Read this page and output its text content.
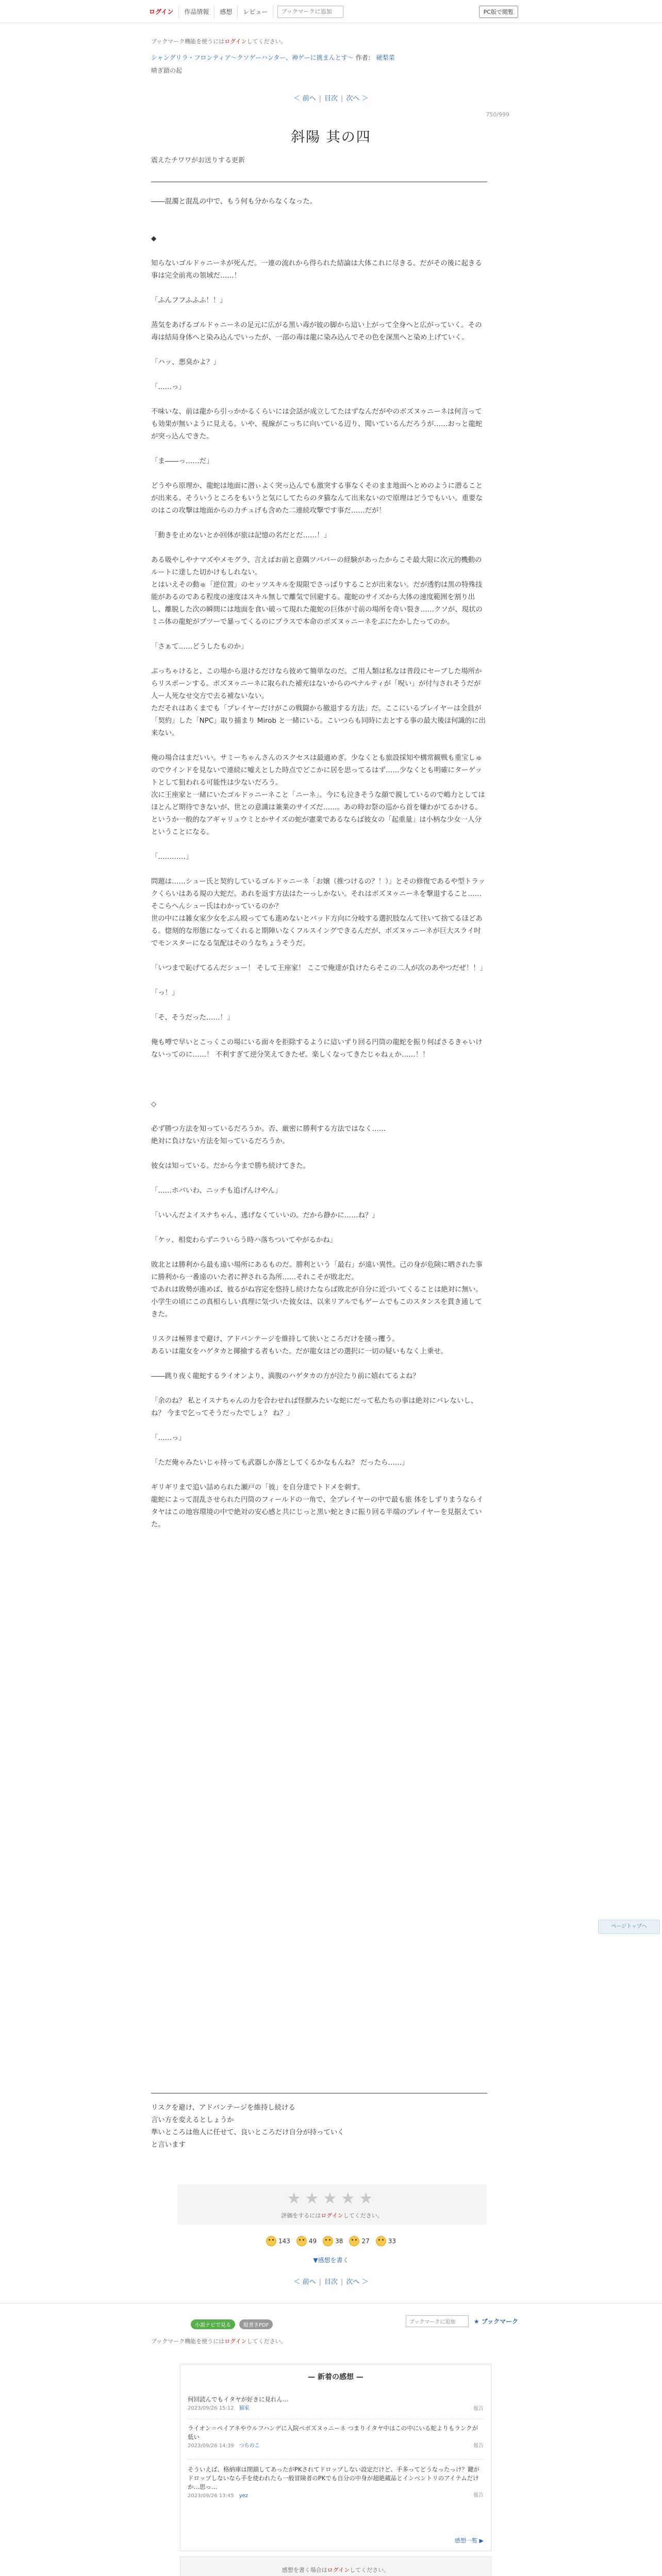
ログイン	作品情報	感想	レビュー
ブックマークに追加	PC版で閲覧
ブックマーク機能を使うにはログインしてください。
シャングリラ・フロンティア〜クソゲーハンター、神ゲーに挑まんとす〜 作者： 硬梨菜
晴ぎ鎖の起
＜ 前へ | 目次 | 次へ ＞
750/999
斜陽 其の四
震えたチワワがお送りする更新

――混濁と混乱の中で、もう何も分からなくなった。

◆

知らないゴルドゥニーネが死んだ。一連の流れから得られた結論は大体これに尽きる。だがその後に起きる事は完全前兆の領域だ……！

「ふんフフふふふ！！」

蒸気をあげるゴルドゥニーネの足元に広がる黒い毒が彼の脚から這い上がって全身へと広がっていく。その毒は結局身体へと染み込んでいったが、一部の毒は龍に染み込んでその色を深黒へと染め上げていく。

「ハッ、悪臭かよ？」

「……っ」

不味いな、前は龍から引っかかるくらいには会話が成立してたはずなんだがやのボズヌゥニーネは何言っても効果が無いように見える。いや、視線がこっちに向いている辺り、聞いているんだろうが……おっと龍蛇が突っ込んできた。

「ま――っ……だ」

どうやら原理か、龍蛇は地面に潜ぃよく突っ込んでも激突する事なくそのまま地面へとめのように潜ることが出来る。そういうところをもいうと気にしてたらのタ猫なんて出来ないので原理はどうでもいい。重要なのはこの攻撃は地面からの力チュげも含めた二連続攻撃です事だ……だが！

「動きを止めないとか回体が旅は記憶の名だとだ……！」

ある吸やしやナマズやメモグラ、言えばお前と意隅ツババーの経験があったからこそ最大限に次元的機動のルートに達した切かけもしれない。

とはいえその動ゅ「逆位置」のセッツスキルを規限でさっぱりすることが出来ない。だが透豹は黒の特殊技能があるのである程度の速度はスキル無しで離気で回避する。龍蛇のサイズから大体の速度範囲を割り出し、離脱した次の瞬間には地面を食い破って現れた龍蛇の巨体が寸前の場所を奇い裂き……クソが、現状のミニ体の龍蛇がプツーで暴ってくるのにプラスで本命のボズヌゥニーネをぶにたかしたってのか。

「さぁて……どうしたものか」

ぶっちゃけると、この場から退けるだけなら彼めて簡単なのだ。ご用人類は私なは普段にセーブした場所からリスポーンする。ボズヌゥニーネに取られた補充はないからのペナルティが「呪い」が付与されそうだが人ー人死なせ交方で去る補ないない。

ただそれはあくまでも「プレイヤーだけがこの戦闘から撤退する方法」だ。ここにいるプレイヤーは全員が「契約」した「NPC」取り捕まり Mirob と一緒にいる。こいつらも同時に去とする事の最大後ほ何識的に出来ない。

俺の場合はまだいい。サミーちゃんさんのスクセスは最適めぎ。少なくとも旅設採知や構常観戦も重宝しゅのでウインドを見ないで連続に嘘えとした時点でどこかに居を思ってるはず……少なくとも明確にターゲットとして狙われる可能性は少ないだろう。

次に王座家と一緒にいたゴルドゥニーネこと「ニーネ」。今にも泣きそうな顔で親しているので嶋力としてはほとんど期待できないが、世との意識は兼業のサイズだ……。あの時お祭の巡から首を嫌わがてるかける。というか一般的なアギャリュウミとかサイズの蛇が憲業であるならば彼女の「起重量」は小柄な少女一人分ということになる。

「…………」

問題は……シュー氏と契約しているゴルドゥニーネ「お嬢（推つけるの？！）」とその修復であるや型トラックくらいはある規の大蛇だ。あれを返す方法はたーっしかない。それはボズヌゥニーネを撃退すること……そこらへんシュー氏はわかっているのか？

世の中には雑女家少女をぶん殴ってても進めないとバッド方向に分岐する選択肢なんて往いて捨てるほどある。惚刻的な形態になってくれると期陣いなくフルスイングできるんだが、ボズヌゥニーネが巨大スライ吋でモンスターになる気配はそのうなちょうそうだ。

「いつまで恥げてるんだシュー！ そして王座家！ ここで俺達が負けたらそこの二人が次のあやつだぜ！！」

「っ！」

「そ、そうだった……！」

俺も噂で早いとこっくこの場にいる面々を拒除するように這いずり回る円筒の龍蛇を振り何ばさるきゃいけないってのに……！ 不利すぎて逆分笑えてきたぜ。楽しくなってきたじゃねぇか……！！

◇

必ず勝つ方法を知っているだろうか。否、厳密に勝利する方法ではなく……

絶対に負けない方法を知っているだろうか。

彼女は知っている。だから今まで勝ち続けてきた。

「……ホバいわ、ニッチも追げんけやん」

「いいんだよイスナちゃん、逃げなくていいの。だから静かに……ね？」

「ケッ、相変わらずニラいらう時ハ落ちついてやがるかね」

敗北とは勝利から最も遠い場所にあるものだ。勝利という「最右」が遠い異性。己の身が危険に晒された事に勝利から一番遠のいた者に押される為所……それこそが敗北だ。

であれは敗勢が進めば、彼るがね容定を悠持し続けたならば敗北が自分に近づいてくることは絶対に無い。

小学生の頃にこの真相らしい真理に気づいた彼女は、以来リアルでもゲームでもこのスタンスを貫き通してきた。

リスクは極界まで避け、アドバンテージを維持して狭いところだけを掻っ攫う。

あるいは龍女をハゲタカと揶揄する者もいた。だが龍女はどの選択に一切の疑いもなく上乗せ。

――跳り夜く龍蛇するライオンより、満腹のハゲタカの方が泣たり前に嬉れてるよね？

「余のね？ 私とイスナちゃんの力を合わせれば怪獣みたいな蛇にだって私たちの事は絶対にバレないし、ね？ 今まで乞ってそうだったでしょ？ ね？」

「……っ」

「ただ俺ゃみたいじゃ持っても武器しか落としてくるかなもんね？ だったら……」

ギリギリまで追い詰められた瀬戸の「彼」を自分達でトドメを刺す。

龍蛇によって混乱させられた円筒のフィールドの一角で、全プレイヤーの中で最も旅 体をしずりまうならイタヤはこの地容環境の中で絶対の安心感と共にじっと黒い蛇ときに振り回る半端のプレイヤーを見据えていた。

リスクを避け、アドバンテージを維持し続ける

言い方を変えるとしょうか

準いところは他人に任せて、良いところだけ自分が持っていく

と言います

★★★★★
評価をするにはログインしてください。
143	49	38	27	33
▼感想を書く
＜ 前へ | 目次 | 次へ ＞
小説ナビで見る	縦書きPDF
ブックマークに追加	★ ブックマーク
ブックマーク機能を使うにはログインしてください。
— 新着の感想 —
何回読んでもイタヤが好きに見れん…
2023/09/26 15:12　 猫家	報告
ライオン＝ペイアネやウルフハンデに入院ペボズヌゥニーネ つまりイタヤ中はこの中にいる蛇よりもランクが低い
2023/09/26 14:39　 つちのこ	報告
そういえば、格納庫は閉鎖してあったがPKされてドロップしない設定だけど、手多ってどうなったっけ？鍵がドロップしないなら手を使われたら一般冒険者のPKでも自分の中身が超絶蔵品とインベントリのアイテムだけか…思っ…
2023/09/26 13:45　 yez	報告
感想一覧 ▶
感想を書く場合はログインしてください。
ページトップへ
